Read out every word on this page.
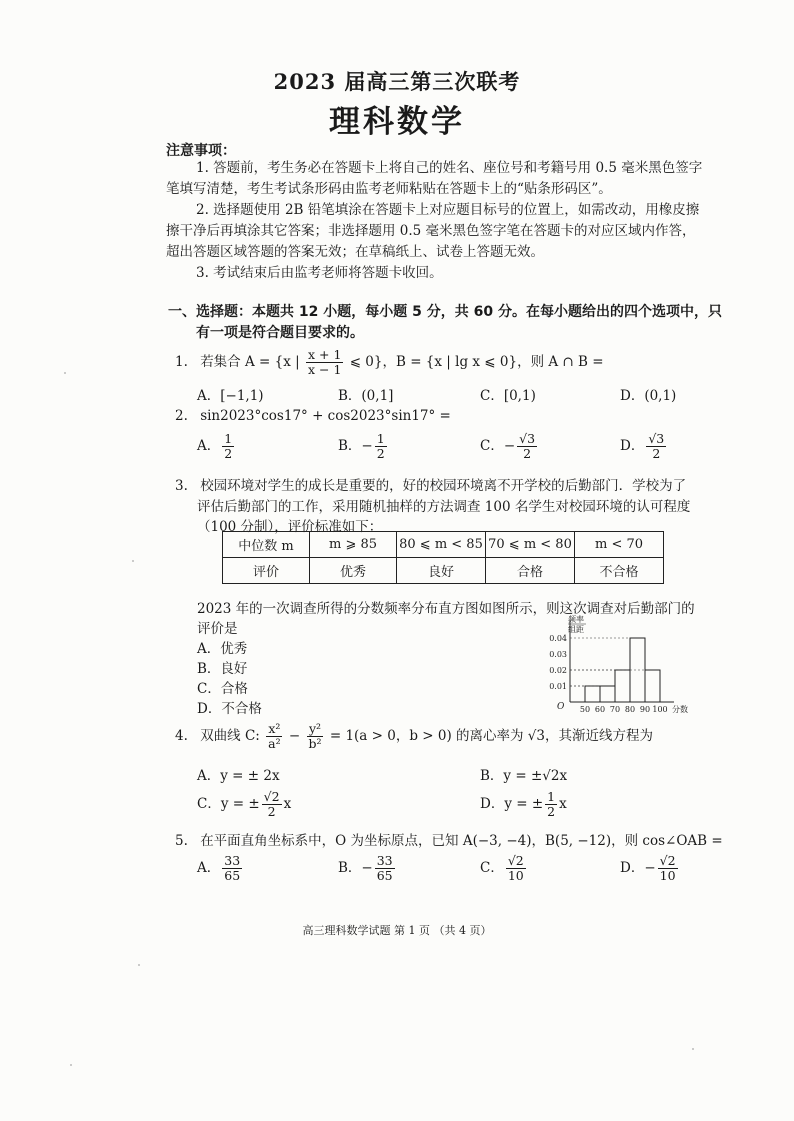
2023 届高三第三次联考
理科数学
注意事项：
1. 答题前，考生务必在答题卡上将自己的姓名、座位号和考籍号用 0.5 毫米黑色签字
笔填写清楚，考生考试条形码由监考老师粘贴在答题卡上的“贴条形码区”。
2. 选择题使用 2B 铅笔填涂在答题卡上对应题目标号的位置上，如需改动，用橡皮擦
擦干净后再填涂其它答案；非选择题用 0.5 毫米黑色签字笔在答题卡的对应区域内作答，
超出答题区域答题的答案无效；在草稿纸上、试卷上答题无效。
3. 考试结束后由监考老师将答题卡收回。
一、选择题：本题共 12 小题，每小题 5 分，共 60 分。在每小题给出的四个选项中，只
有一项是符合题目要求的。
1. 若集合 A = {x | $\frac{x + 1}{x - 1}$ ⩽ 0}，B = {x | lg x ⩽ 0}，则 A ∩ B =
A．[−1,1)	B．(0,1]	C．[0,1)	D．(0,1)
2. sin2023°cos17° + cos2023°sin17° =
A． $\frac{1}{2}$	B．− $\frac{1}{2}$	C．− $\frac{√3}{2}$	D． $\frac{√3}{2}$
3. 校园环境对学生的成长是重要的，好的校园环境离不开学校的后勤部门．学校为了
评估后勤部门的工作，采用随机抽样的方法调查 100 名学生对校园环境的认可程度
（100 分制），评价标准如下：
中位数 m	m ⩾ 85	80 ⩽ m < 85	70 ⩽ m < 80	m < 70
评价	优秀	良好	合格	不合格
2023 年的一次调查所得的分数频率分布直方图如图所示，则这次调查对后勤部门的
评价是
A．优秀
B．良好
C．合格
D．不合格	O	分数
频率
组距
0.01
0.02
0.03
0.04
50 60 70 80 90 100
4. 双曲线 C: $\frac{\text{x²}}{\text{a²}} - \frac{\text{y²}}{\text{b²}} = 1(a > 0$，b > 0) 的离心率为 √3，其渐近线方程为
A．y = ± 2x	B．y = ±√2x
C．y = ± $\frac{√2}{2}$ x	D．y = ± $\frac{1}{2}$ x
5. 在平面直角坐标系中，O 为坐标原点，已知 A(−3, −4)，B(5, −12)，则 cos∠OAB =
A． $\frac{33}{65}$	B．− $\frac{33}{65}$	C． $\frac{√2}{10}$	D．− $\frac{√2}{10}$
高三理科数学试题 第 1 页 （共 4 页）
